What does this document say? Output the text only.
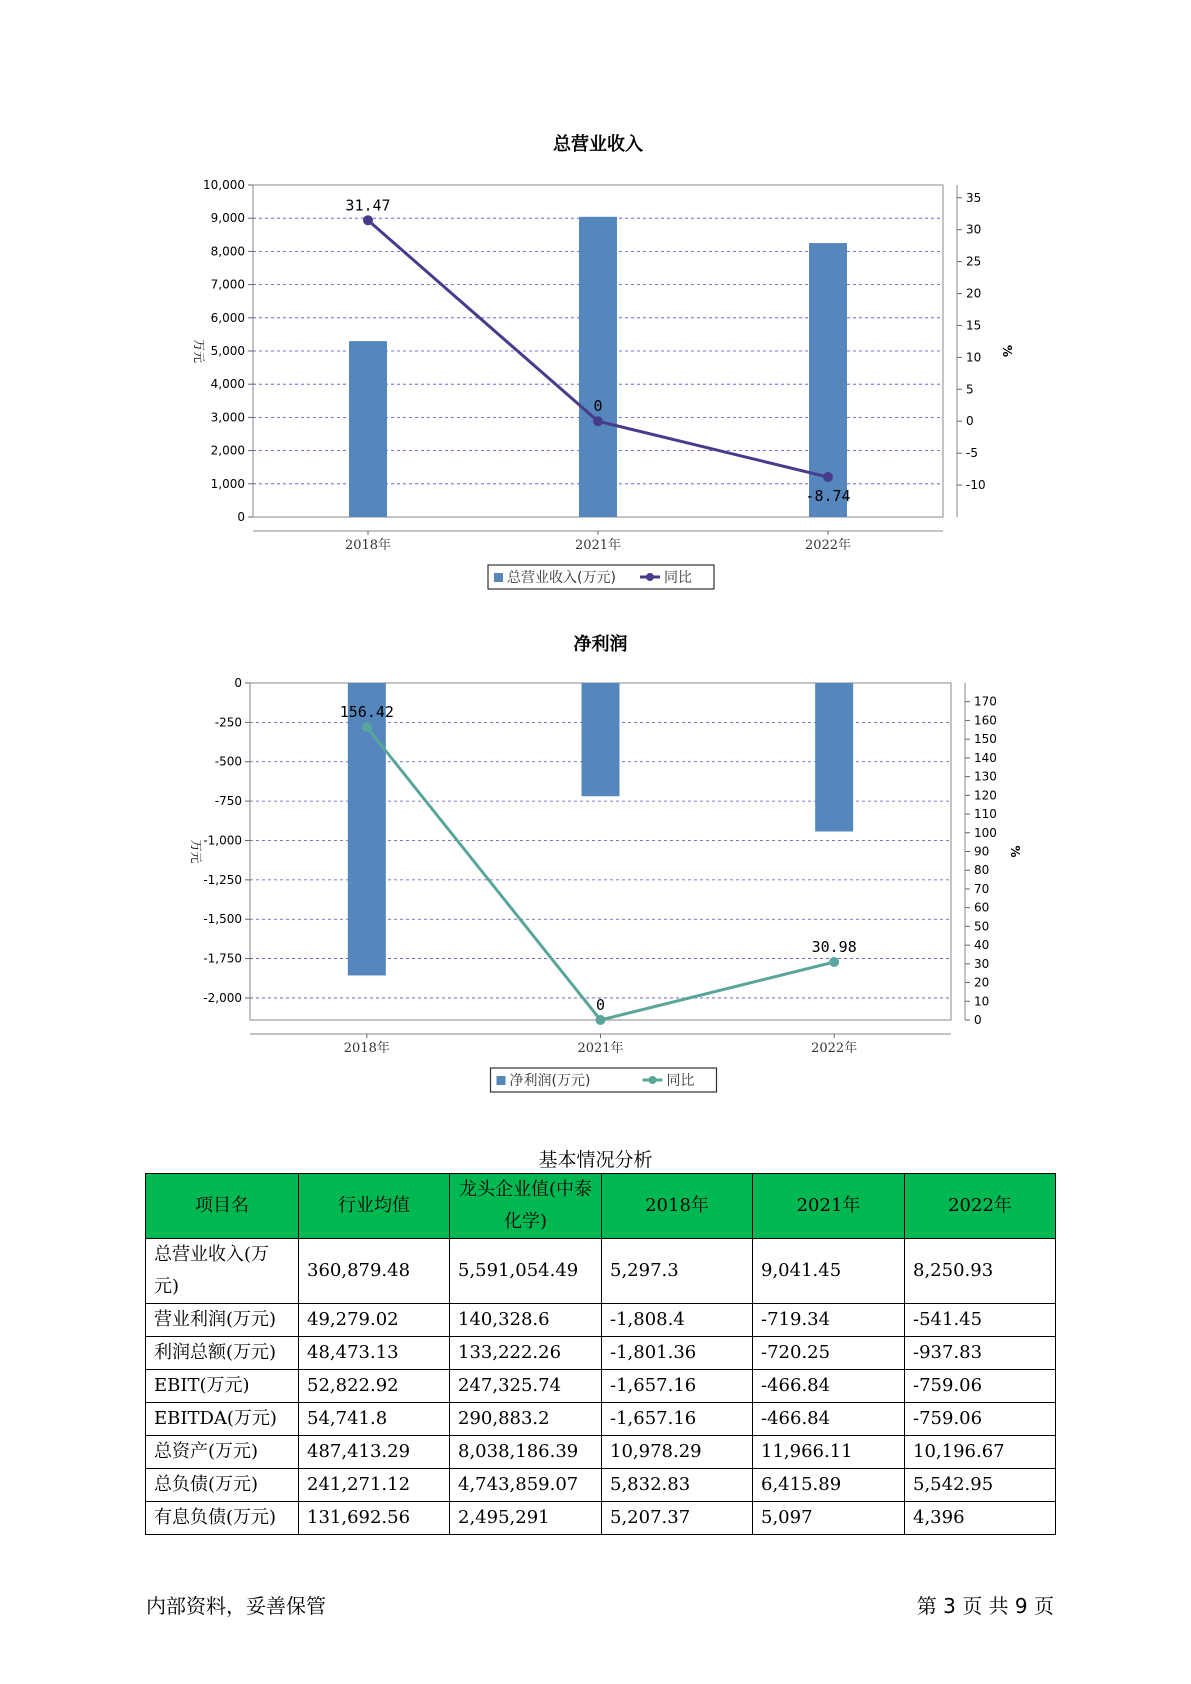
总营业收入
10,000
9,000
8,000
7,000
6,000
5,000
4,000
3,000
2,000
1,000
0
35
30
25
20
15
10
5
0
-5
-10
万元	%
2018年	2021年	2022年
31.47
0
-8.74
总营业收入(万元)	同比
净利润
0
-250
-500
-750
-1,000
-1,250
-1,500
-1,750
-2,000
170
160
150
140
130
120
110
100
90
80
70
60
50
40
30
20
10
0
万元	%
2018年	2021年	2022年
156.42
0
30.98
净利润(万元)	同比
基本情况分析
项目名	行业均值	龙头企业值(中泰化学)	2018年	2021年	2022年
总营业收入(万元)	360,879.48	5,591,054.49	5,297.3	9,041.45	8,250.93
营业利润(万元)	49,279.02	140,328.6	-1,808.4	-719.34	-541.45
利润总额(万元)	48,473.13	133,222.26	-1,801.36	-720.25	-937.83
EBIT(万元)	52,822.92	247,325.74	-1,657.16	-466.84	-759.06
EBITDA(万元)	54,741.8	290,883.2	-1,657.16	-466.84	-759.06
总资产(万元)	487,413.29	8,038,186.39	10,978.29	11,966.11	10,196.67
总负债(万元)	241,271.12	4,743,859.07	5,832.83	6,415.89	5,542.95
有息负债(万元)	131,692.56	2,495,291	5,207.37	5,097	4,396
内部资料，妥善保管	第 3 页 共 9 页
